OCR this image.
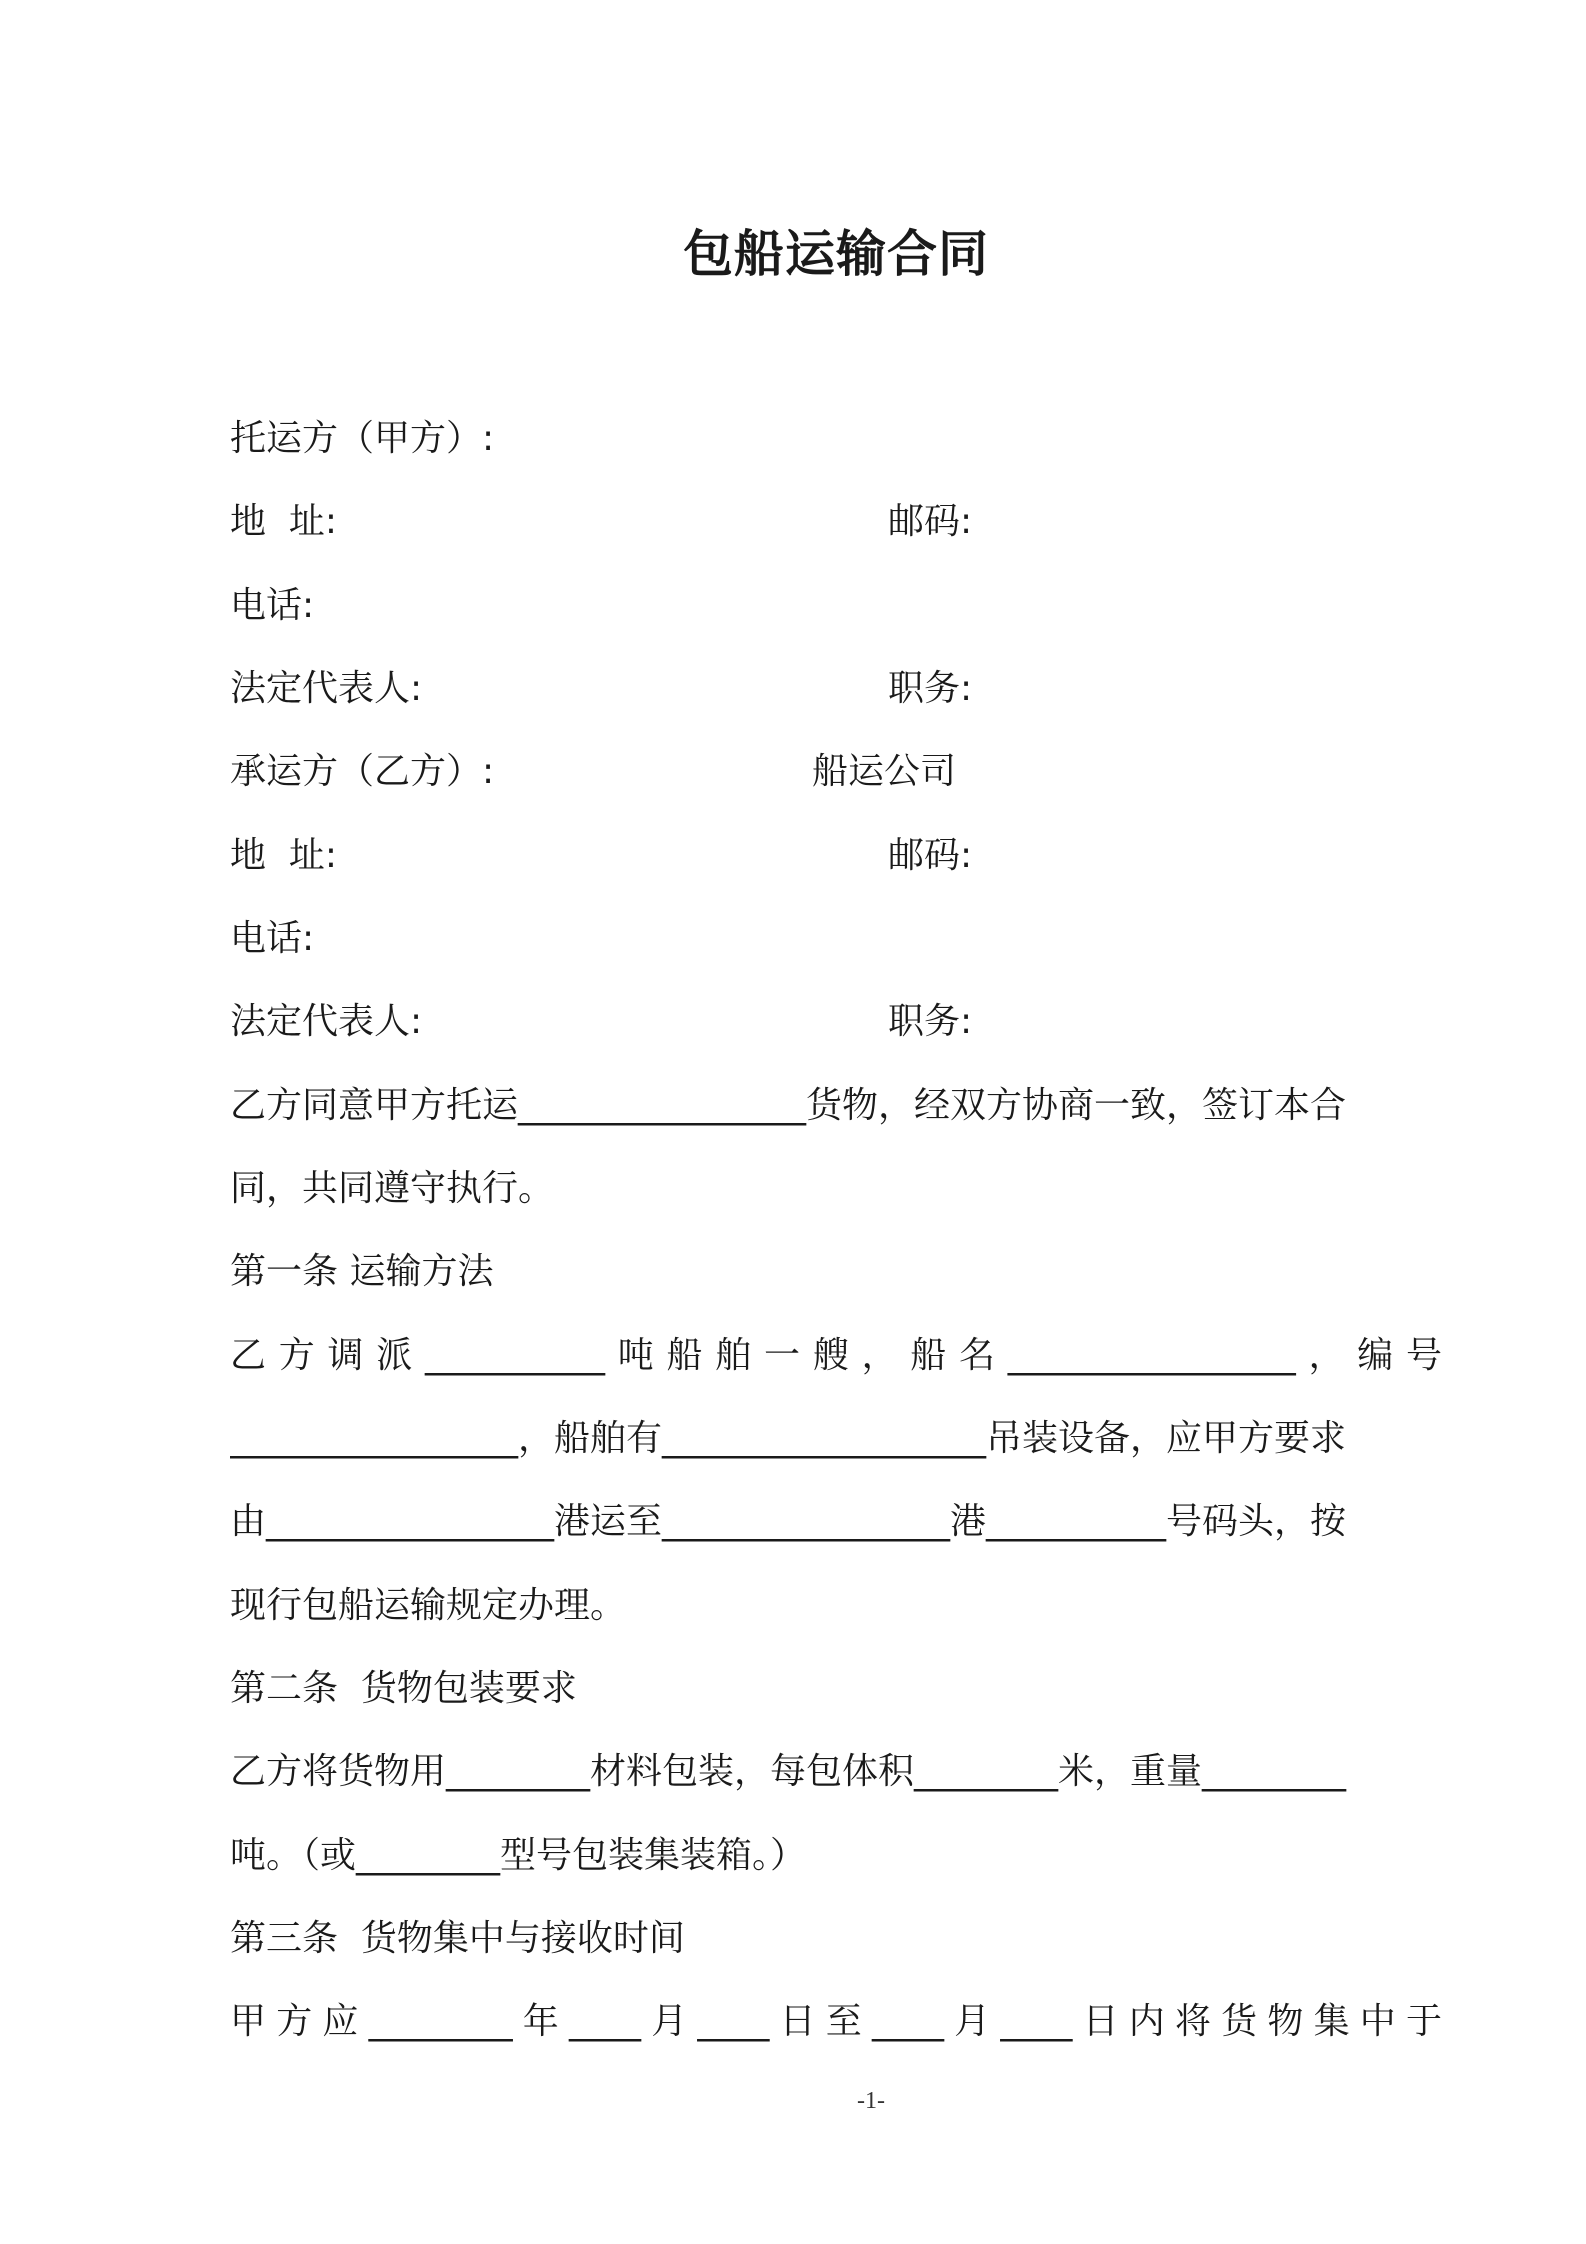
包船运输合同
托运方（甲方）:
地  址:	邮码:
电话:
法定代表人:	职务:
承运方（乙方）:	船运公司
地  址:	邮码:
电话:
法定代表人:	职务:
乙方同意甲方托运________________货物，经双方协商一致，签订本合
同，共同遵守执行。
第一条 运输方法
乙 方 调 派 __________ 吨 船 舶 一 艘 ， 船 名 ________________ ， 编 号
________________，船舶有__________________吊装设备，应甲方要求
由________________港运至________________港__________号码头，按
现行包船运输规定办理。
第二条  货物包装要求
乙方将货物用________材料包装，每包体积________米，重量________
吨。（或________型号包装集装箱。）
第三条  货物集中与接收时间
甲 方 应 ________ 年 ____ 月 ____ 日 至 ____ 月 ____ 日 内 将 货 物 集 中 于
-1-
